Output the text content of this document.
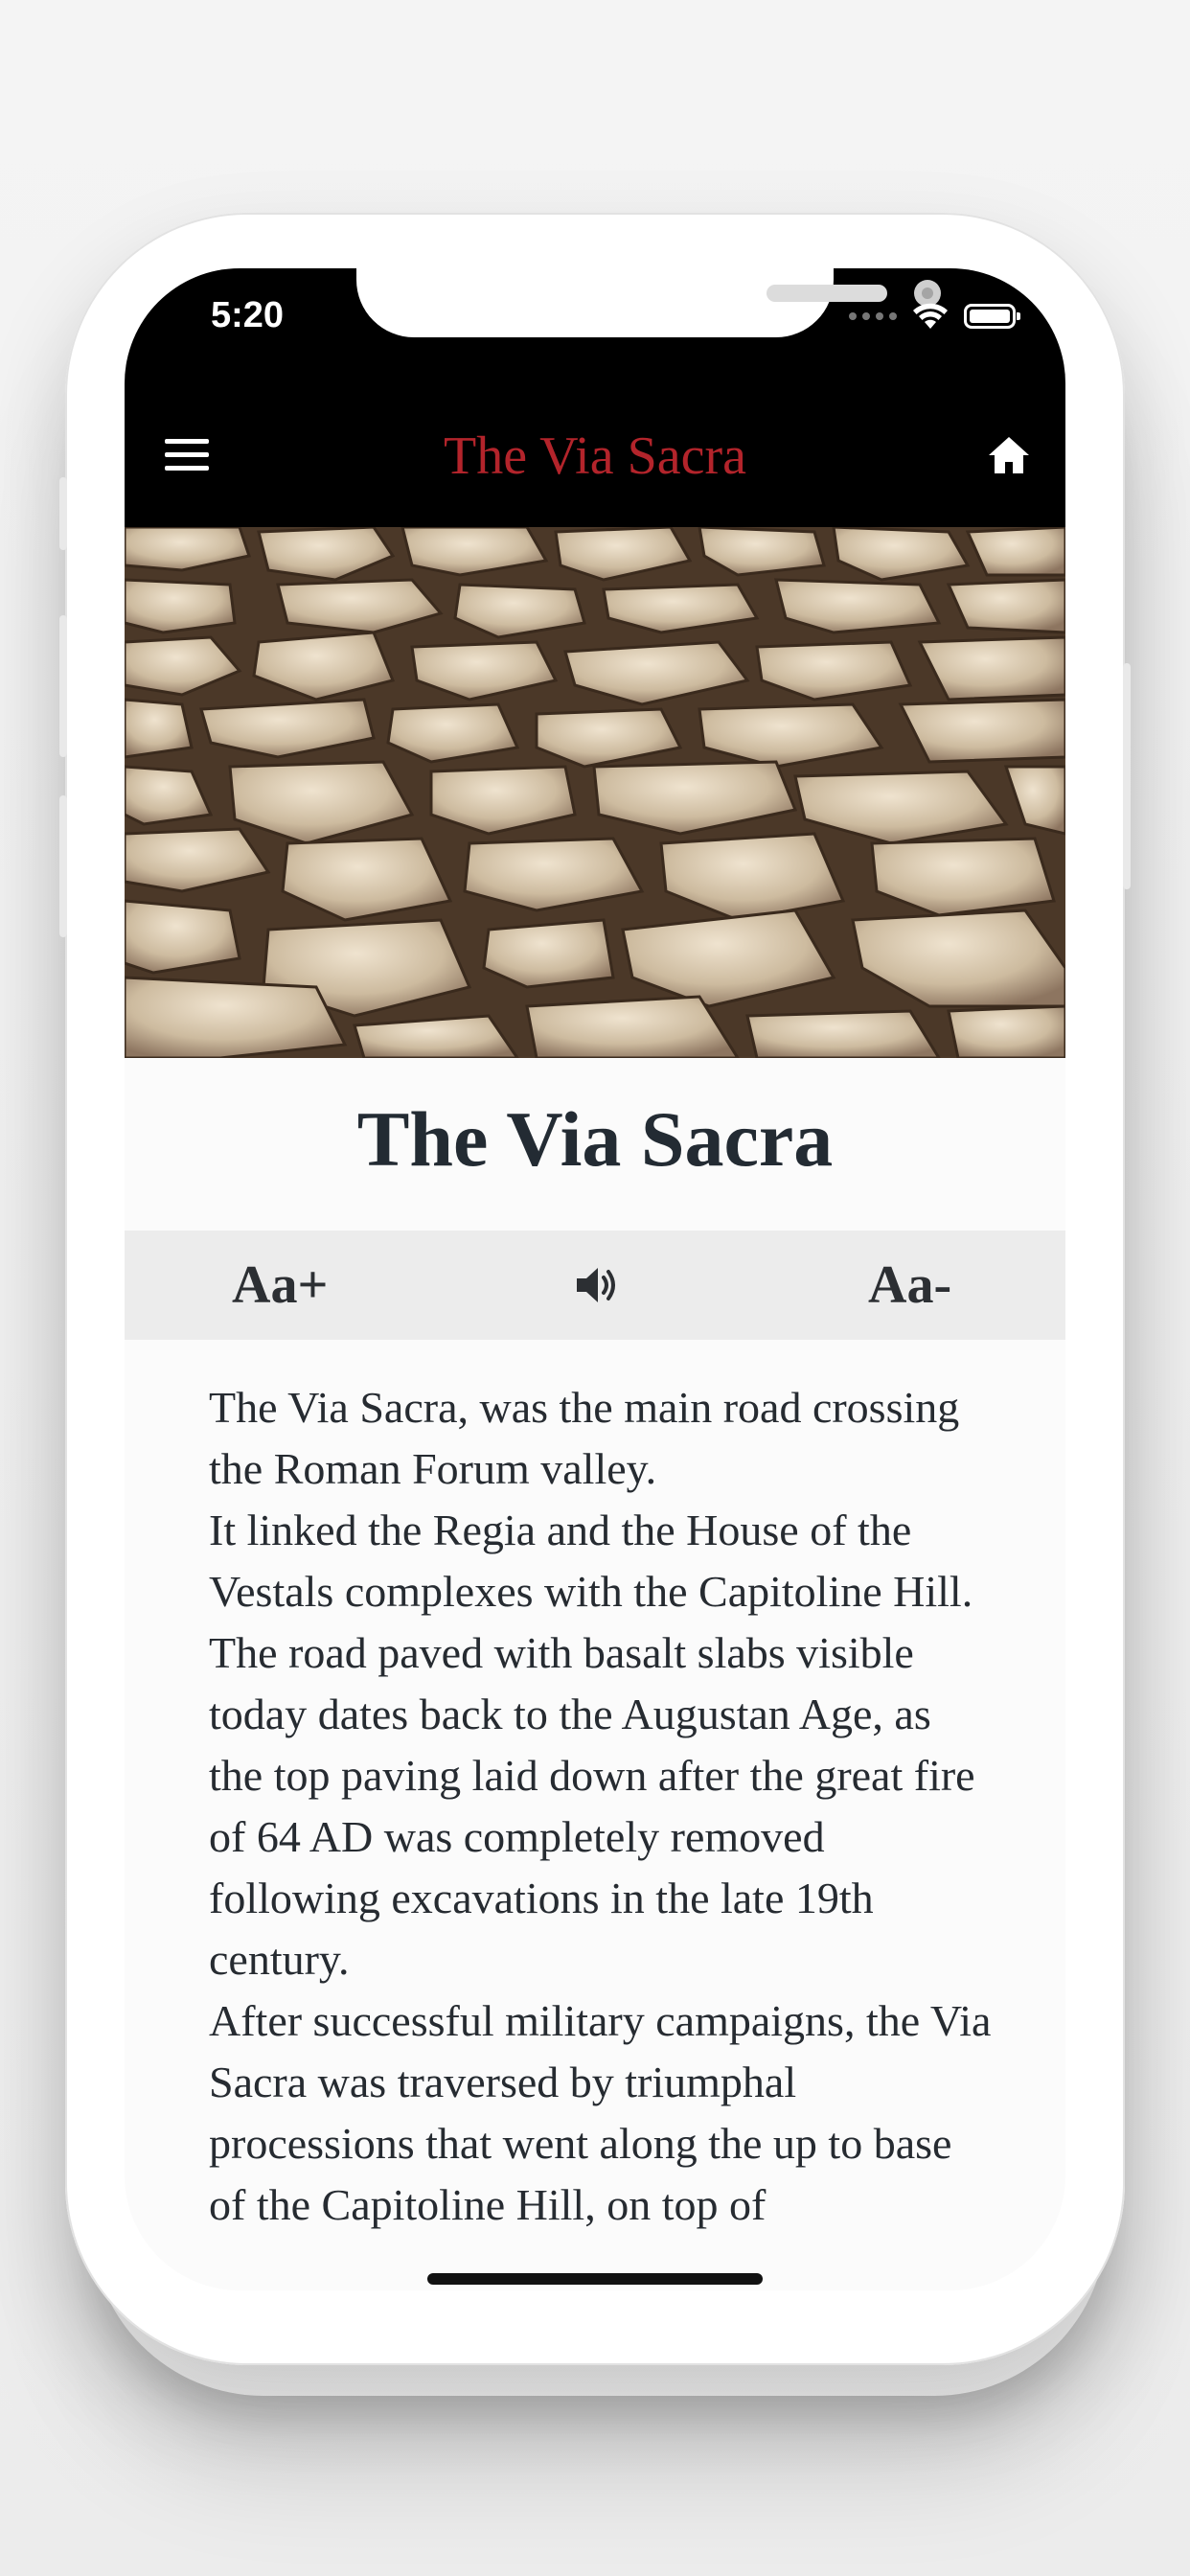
5:20
The Via Sacra
The Via Sacra
Aa+	Aa-

The Via Sacra, was the main road crossing the Roman Forum valley.

It linked the Regia and the House of the Vestals complexes with the Capitoline Hill.

The road paved with basalt slabs visible today dates back to the Augustan Age, as the top paving laid down after the great fire of 64 AD was completely removed following excavations in the late 19th century.

After successful military campaigns, the Via Sacra was traversed by triumphal processions that went along the up to base of the Capitoline Hill, on top of
